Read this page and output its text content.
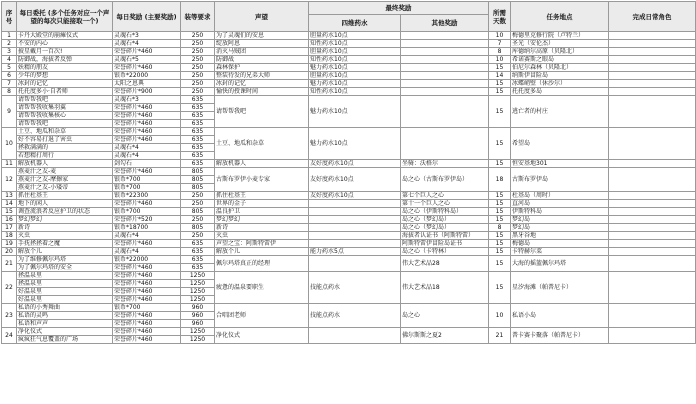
序号	每日委托 (多个任务对应一个声望的每次只能接取一个)	每日奖励 (主要奖励)	装等要求	声望	最终奖励		所需天数	任务地点	完成日常角色
					四维药水	其他奖励			
1	卡丹大殿堂的崩瘫仪式	灵魂石*3	250	为了灵魂们的安息	胆量药水10点		10	梅德里克修行院（卢特兰）	
2	不安的内心	灵魂石*4	250	绽放阿恩	知性药水10点		7	圣光（安伦杰）	
3	披星戴月一百次!	荣誉碎片*460	250	消灭马贼团	胆量药水10点		8	库德纳尔高原（贝隆北）	
4	防御战，海拔者反弹	灵魂石*5	250	防御战	知性药水10点		10	希诺赛斯之眼岛	
5	妖精的朋友	荣誉碎片*460	250	森林保护	魅力药水10点		15	伯尼尔森林（贝隆北）	
6	少年的梦想	银币*22000	250	整装待发的兄弟大师	胆量药水10点		14	纳斯伊冒险岛	
7	冰封的记忆	太阳之恩典	250	冰封的记忆	魅力药水10点		15	冰蝶峭壁（休沙尔）	
8	托托度多小·自者师	荣誉碎片*900	250	愉快的授课时间	知性药水10点		15	托托度多岛	
9	请帮帮我吧	灵魂石*3	635	请帮帮我吧	魅力药水10点		15	逃亡者的村庄	
	请帮帮我收集羽翼	荣誉碎片*460	635						
	请帮帮我收集核心	荣誉碎片*460	635						
	请帮帮我吧	荣誉碎片*460	635						
10	土豆、地瓜和杂草	荣誉碎片*460	635	土豆、地瓜和杂草	魅力药水10点		15	希望岛	
	好不容易打退了害虫	荣誉碎片*460	635						
	拯救满满的	灵魂石*4	635						
	若想精打周行	灵魂石*4	635						
11	解放机器人	剑勾石	635	解放机器人	友好度药水10点	坐骑：沃格尔	15	恒安基地301	
12	燕麦汁之友-麦	荣誉碎片*460	805	古斯布罗伊小麦专家	友好度药水10点	岛之心（古斯布罗伊岛）	18	古斯布罗伊岛	
	燕麦汁之友-摩擦家	银币*700	805						
	燕麦汁之友-小矮帝	银币*700	805						
13	抓住杜基王	银币*22300	250	抓住杜基王	友好度药水10点	第七个巨人之心	15	杜基岛（周时）	
14	地下的闲人	荣誉碎片*460	250	世界的金子		第十一个巨人之心	15	直河岛	
15	调查流浪者反应护卫的状态	银币*700	805	温良护卫		岛之心（伊斯特科岛）	15	伊斯特科岛	
16	梦幻梦幻	荣誉碎片*520	250	梦幻梦幻		岛之心（梦幻岛）	15	梦幻岛	
17	新诗	银币*18700	805	新诗		岛之心（梦幻岛）	8	梦幻岛	
18	灭虫	灵魂石*4	250	灭虫		海拔者认证书（阿斯特雷）	15	黑牙谷地	
19	手抚拯拯着之魔	荣誉碎片*460	635	声望之宝：阿斯特雷伊		阿斯特雷伊冒险岛证书	15	梅德岛	
20	解放个儿	灵魂石*4	635	解放个儿	能力药水5点	岛之心（卡特林）	15	卡特赫尔菜	
21	为了维修佩尔玛塔	银币*22000	635	佩尔玛塔真正的经理		伟大艺术品28	15	大海的摇篮佩尔玛塔	
	为了佩尔玛塔的安全	荣誉碎片*460	635						
22	拯温泉里	荣誉碎片*460	1250	疲惫的温泉要职生	技能点药水	伟大艺术品18	15	星汐海滩（帕普尼卡）	
	拯温泉里	荣誉碎片*460	1250						
	好温泉里	荣誉碎片*460	1250						
	好温泉里	荣誉碎片*460	1250						
23	私语的小秀舞曲	银币*700	960	合唱团老师	技能点药水	岛之心	10	私语小岛	
	私语的灵鸣	荣誉碎片*460	960						
	私语和声声	荣誉碎片*460	960						
24	净化仪式	荣誉碎片*460	1250	净化仪式		佛尔斯斯之夏2	21	普卡赛卡聚落（帕普尼卡）	
	疯疯狂气息覆盖的广场	荣誉碎片*460	1250						
